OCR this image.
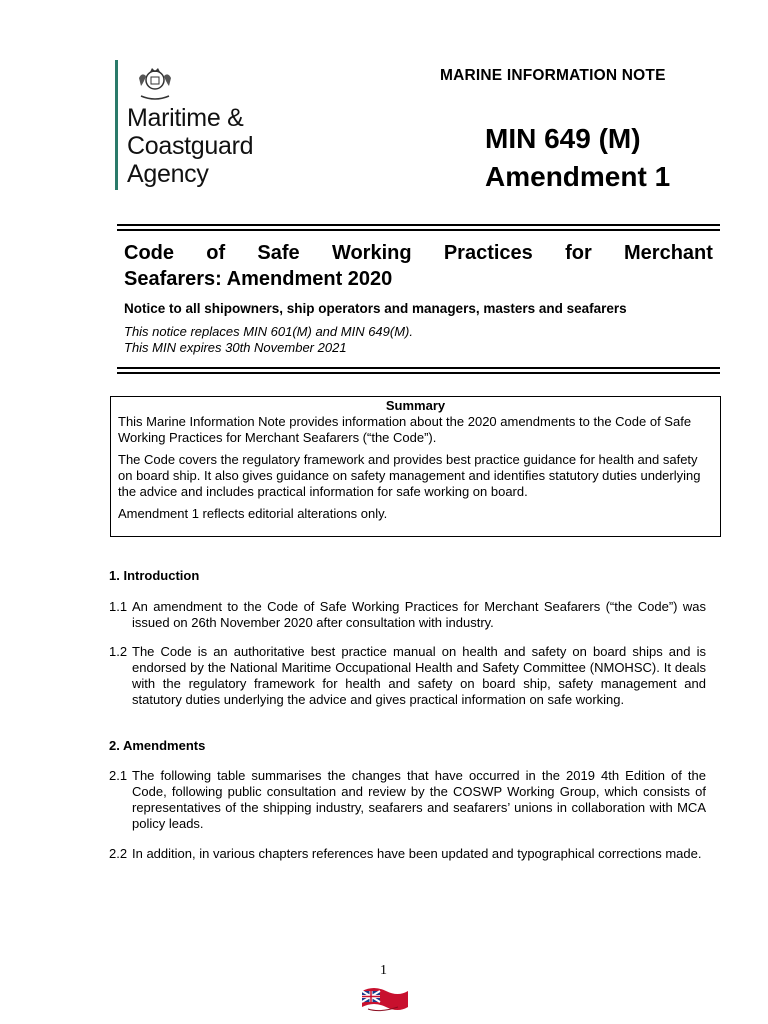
Maritime &
Coastguard
Agency
MARINE INFORMATION NOTE
MIN 649 (M)
Amendment 1
Code of Safe Working Practices for Merchant
Seafarers: Amendment 2020
Notice to all shipowners, ship operators and managers, masters and seafarers
This notice replaces MIN 601(M) and MIN 649(M).
This MIN expires 30th November 2021
Summary

This Marine Information Note provides information about the 2020 amendments to the Code of Safe Working Practices for Merchant Seafarers (“the Code”).

The Code covers the regulatory framework and provides best practice guidance for health and safety on board ship. It also gives guidance on safety management and identifies statutory duties underlying the advice and includes practical information for safe working on board.

Amendment 1 reflects editorial alterations only.

1. Introduction
1.1 An amendment to the Code of Safe Working Practices for Merchant Seafarers (“the Code”) was issued on 26th November 2020 after consultation with industry.
1.2 The Code is an authoritative best practice manual on health and safety on board ships and is endorsed by the National Maritime Occupational Health and Safety Committee (NMOHSC). It deals with the regulatory framework for health and safety on board ship, safety management and statutory duties underlying the advice and gives practical information on safe working.
2. Amendments
2.1 The following table summarises the changes that have occurred in the 2019 4th Edition of the Code, following public consultation and review by the COSWP Working Group, which consists of representatives of the shipping industry, seafarers and seafarers’ unions in collaboration with MCA policy leads.
2.2 In addition, in various chapters references have been updated and typographical corrections made.
1
